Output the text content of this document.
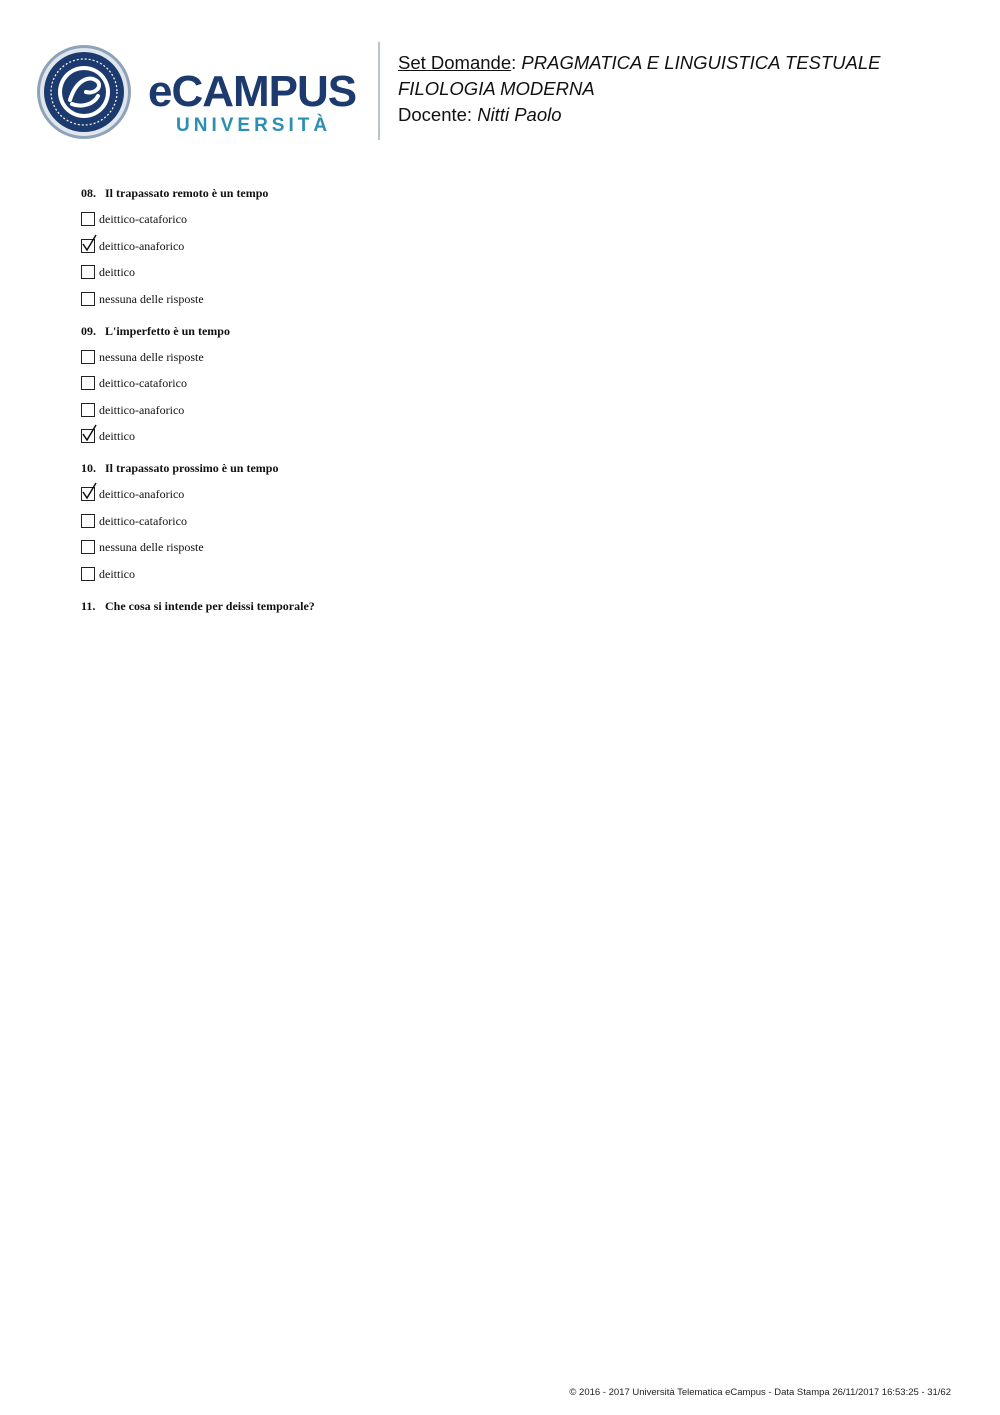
eCAMPUS
UNIVERSITÀ
Set Domande: PRAGMATICA E LINGUISTICA TESTUALE
FILOLOGIA MODERNA
Docente: Nitti Paolo
08. Il trapassato remoto è un tempo
deittico-cataforico
deittico-anaforico
deittico
nessuna delle risposte
09. L'imperfetto è un tempo
nessuna delle risposte
deittico-cataforico
deittico-anaforico
deittico
10. Il trapassato prossimo è un tempo
deittico-anaforico
deittico-cataforico
nessuna delle risposte
deittico
11. Che cosa si intende per deissi temporale?
© 2016 - 2017 Università Telematica eCampus - Data Stampa 26/11/2017 16:53:25 - 31/62
